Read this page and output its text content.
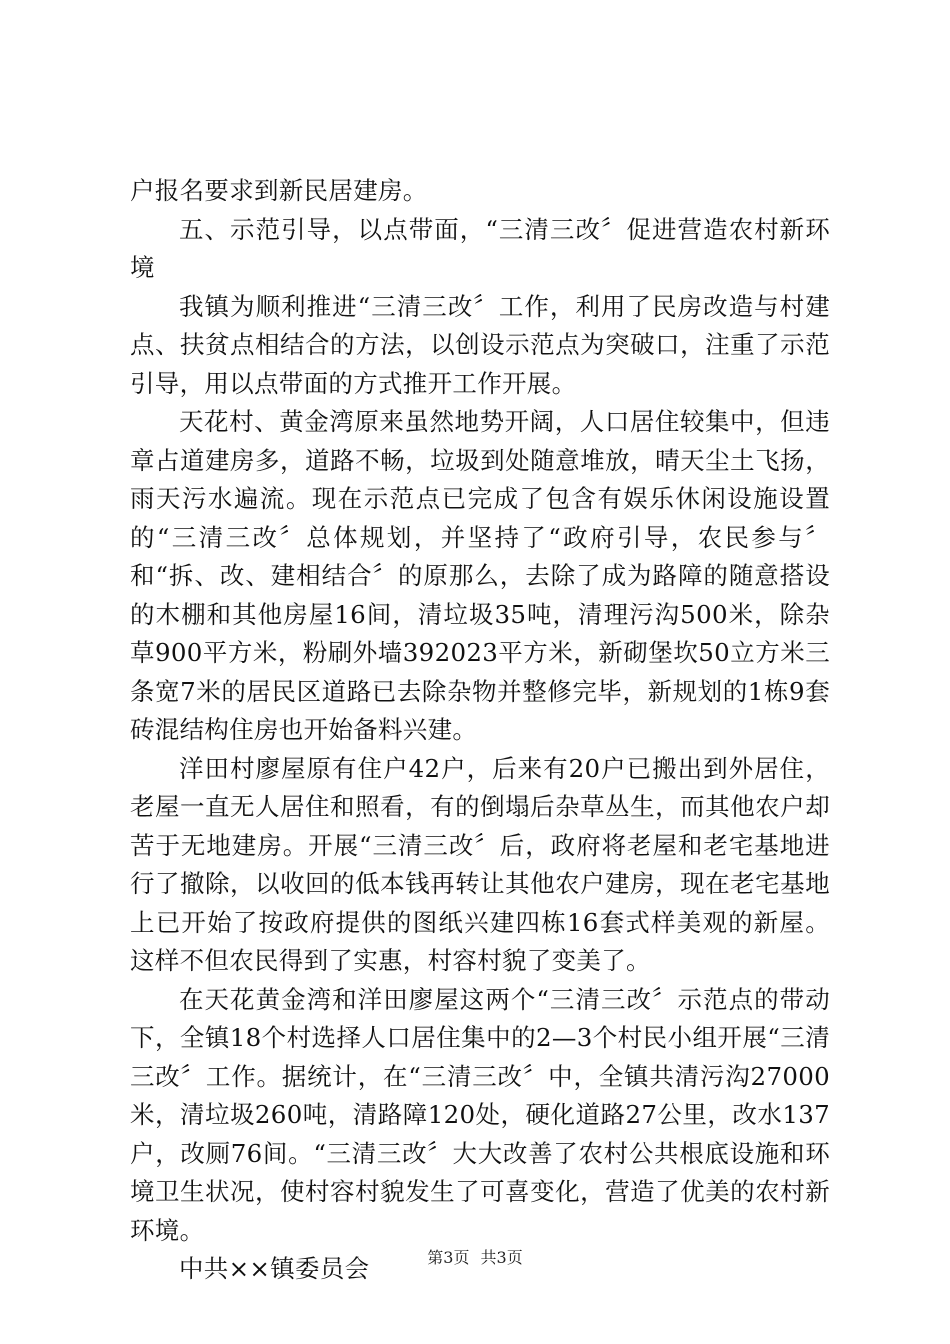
户报名要求到新民居建房。

五、示范引导，以点带面，“三清三改〞促进营造农村新环境

我镇为顺利推进“三清三改〞工作，利用了民房改造与村建点、扶贫点相结合的方法，以创设示范点为突破口，注重了示范引导，用以点带面的方式推开工作开展。

天花村、黄金湾原来虽然地势开阔，人口居住较集中，但违章占道建房多，道路不畅，垃圾到处随意堆放，晴天尘土飞扬，雨天污水遍流。现在示范点已完成了包含有娱乐休闲设施设置的“三清三改〞总体规划，并坚持了“政府引导，农民参与〞和“拆、改、建相结合〞的原那么，去除了成为路障的随意搭设的木棚和其他房屋16间，清垃圾35吨，清理污沟500米，除杂草900平方米，粉刷外墙392023平方米，新砌堡坎50立方米三条宽7米的居民区道路已去除杂物并整修完毕，新规划的1栋9套砖混结构住房也开始备料兴建。

洋田村廖屋原有住户42户，后来有20户已搬出到外居住，老屋一直无人居住和照看，有的倒塌后杂草丛生，而其他农户却苦于无地建房。开展“三清三改〞后，政府将老屋和老宅基地进行了撤除，以收回的低本钱再转让其他农户建房，现在老宅基地上已开始了按政府提供的图纸兴建四栋16套式样美观的新屋。这样不但农民得到了实惠，村容村貌了变美了。

在天花黄金湾和洋田廖屋这两个“三清三改〞示范点的带动下，全镇18个村选择人口居住集中的2—3个村民小组开展“三清三改〞工作。据统计，在“三清三改〞中，全镇共清污沟27000米，清垃圾260吨，清路障120处，硬化道路27公里，改水137户，改厕76间。“三清三改〞大大改善了农村公共根底设施和环境卫生状况，使村容村貌发生了可喜变化，营造了优美的农村新环境。

中共××镇委员会	第3页 共3页
